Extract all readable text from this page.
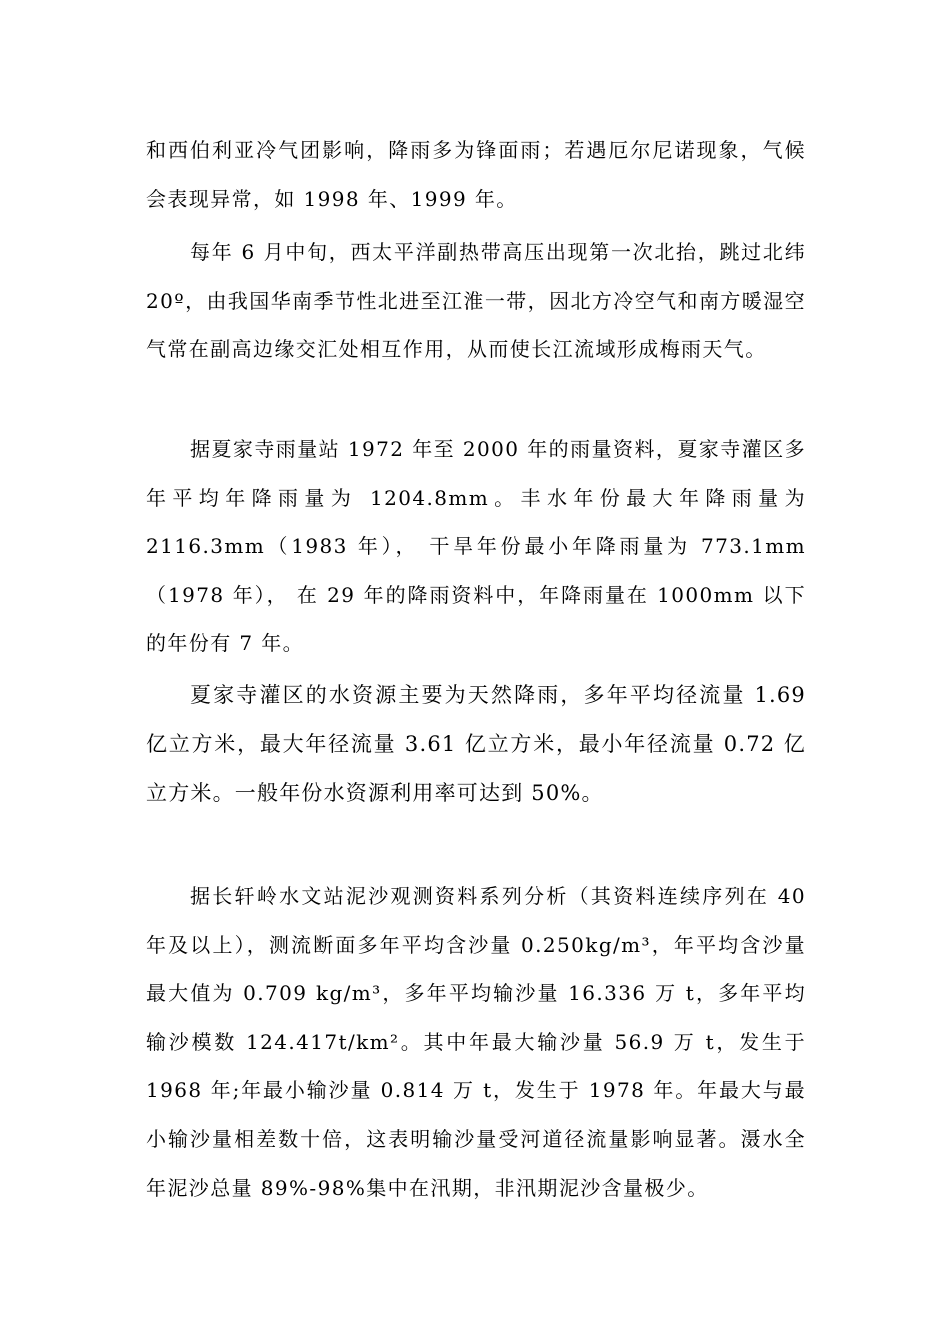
和西伯利亚冷气团影响，降雨多为锋面雨；若遇厄尔尼诺现象，气候会表现异常，如 1998 年、1999 年。

每年 6 月中旬，西太平洋副热带高压出现第一次北抬，跳过北纬 20º，由我国华南季节性北进至江淮一带，因北方冷空气和南方暖湿空气常在副高边缘交汇处相互作用，从而使长江流域形成梅雨天气。

据夏家寺雨量站 1972 年至 2000 年的雨量资料，夏家寺灌区多年平均年降雨量为 1204.8mm。丰水年份最大年降雨量为 2116.3mm（1983 年）， 干旱年份最小年降雨量为 773.1mm（1978 年）， 在 29 年的降雨资料中，年降雨量在 1000mm 以下的年份有 7 年。

夏家寺灌区的水资源主要为天然降雨，多年平均径流量 1.69 亿立方米，最大年径流量 3.61 亿立方米，最小年径流量 0.72 亿立方米。一般年份水资源利用率可达到 50%。

据长轩岭水文站泥沙观测资料系列分析（其资料连续序列在 40 年及以上），测流断面多年平均含沙量 0.250kg/m³，年平均含沙量最大值为 0.709 kg/m³，多年平均输沙量 16.336 万 t，多年平均输沙模数 124.417t/km²。其中年最大输沙量 56.9 万 t，发生于 1968 年;年最小输沙量 0.814 万 t，发生于 1978 年。年最大与最小输沙量相差数十倍，这表明输沙量受河道径流量影响显著。滠水全年泥沙总量 89%-98%集中在汛期，非汛期泥沙含量极少。
